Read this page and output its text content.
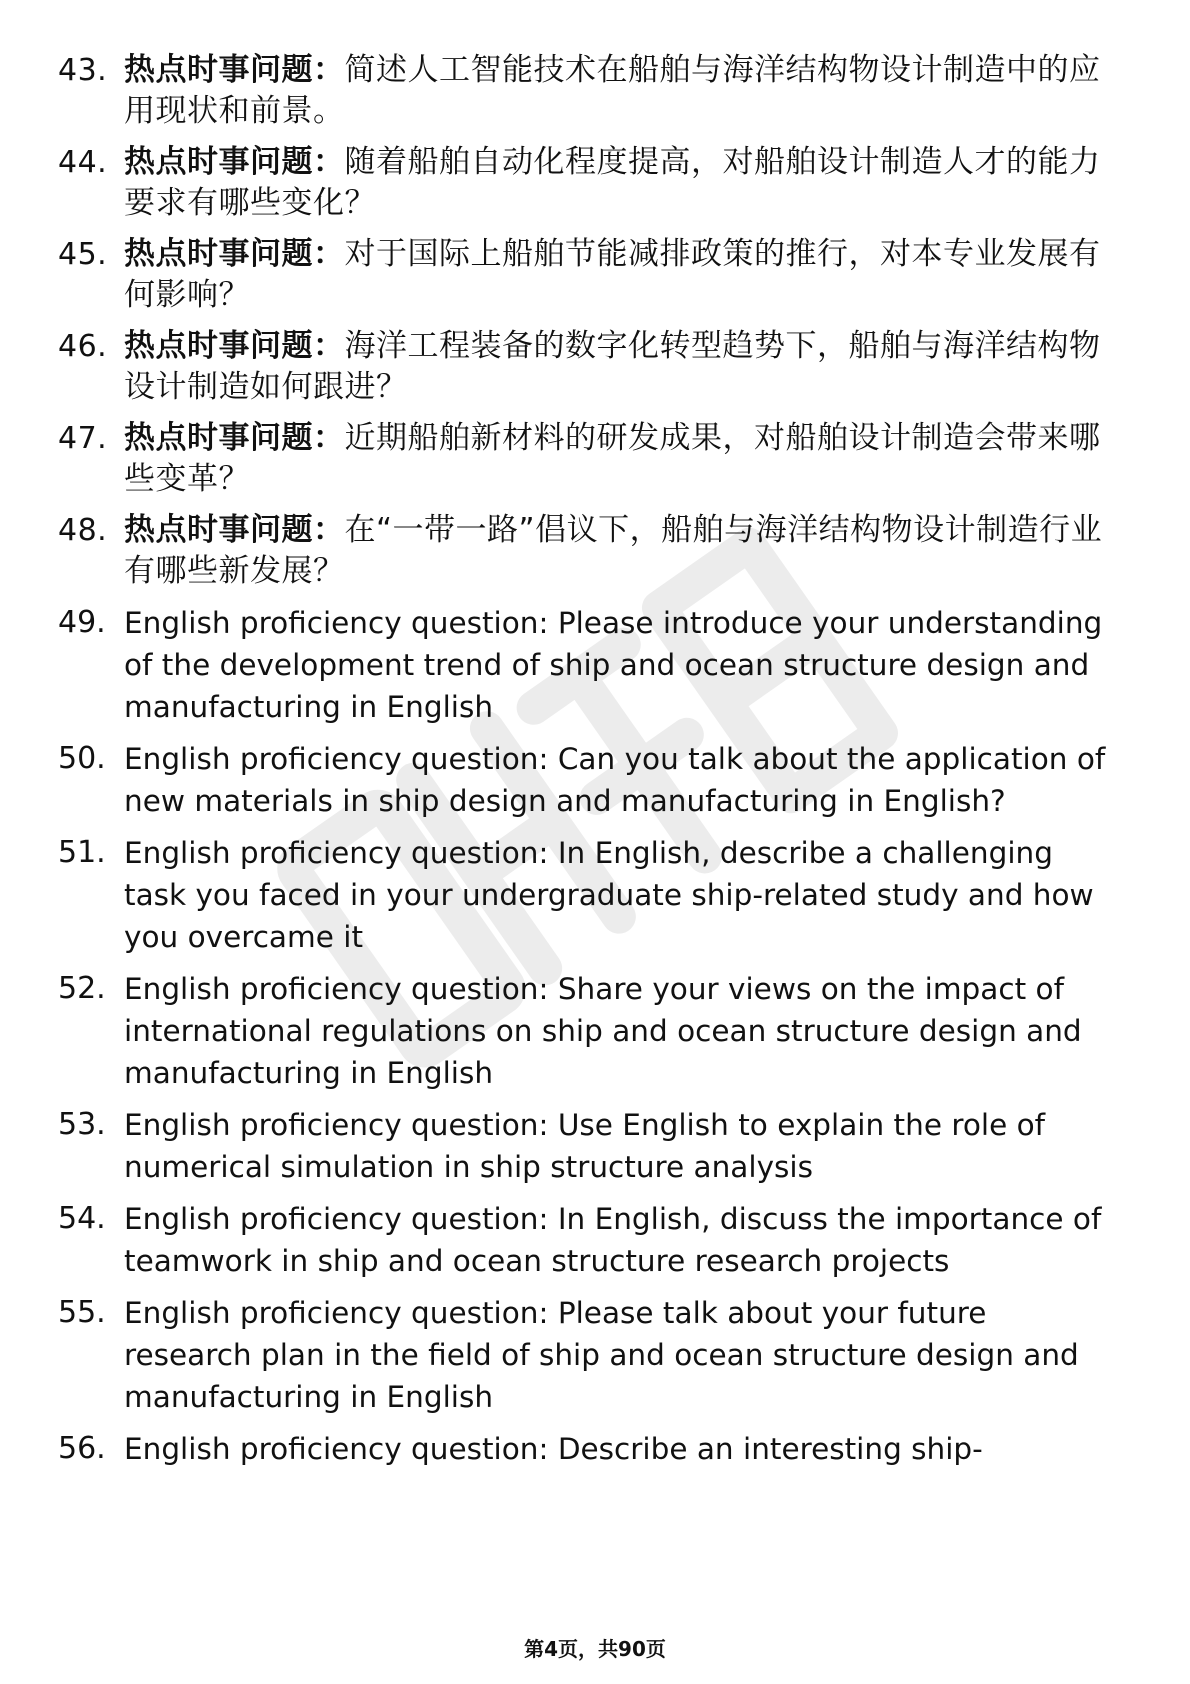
43. 热点时事问题：简述人工智能技术在船舶与海洋结构物设计制造中的应用现状和前景。
44. 热点时事问题：随着船舶自动化程度提高，对船舶设计制造人才的能力要求有哪些变化？
45. 热点时事问题：对于国际上船舶节能减排政策的推行，对本专业发展有何影响？
46. 热点时事问题：海洋工程装备的数字化转型趋势下，船舶与海洋结构物设计制造如何跟进？
47. 热点时事问题：近期船舶新材料的研发成果，对船舶设计制造会带来哪些变革？
48. 热点时事问题：在“一带一路”倡议下，船舶与海洋结构物设计制造行业有哪些新发展？
49. English proficiency question: Please introduce your understanding of the development trend of ship and ocean structure design and manufacturing in English
50. English proficiency question: Can you talk about the application of new materials in ship design and manufacturing in English?
51. English proficiency question: In English, describe a challenging task you faced in your undergraduate ship-related study and how you overcame it
52. English proficiency question: Share your views on the impact of international regulations on ship and ocean structure design and manufacturing in English
53. English proficiency question: Use English to explain the role of numerical simulation in ship structure analysis
54. English proficiency question: In English, discuss the importance of teamwork in ship and ocean structure research projects
55. English proficiency question: Please talk about your future research plan in the field of ship and ocean structure design and manufacturing in English
56. English proficiency question: Describe an interesting ship-
第4页，共90页
